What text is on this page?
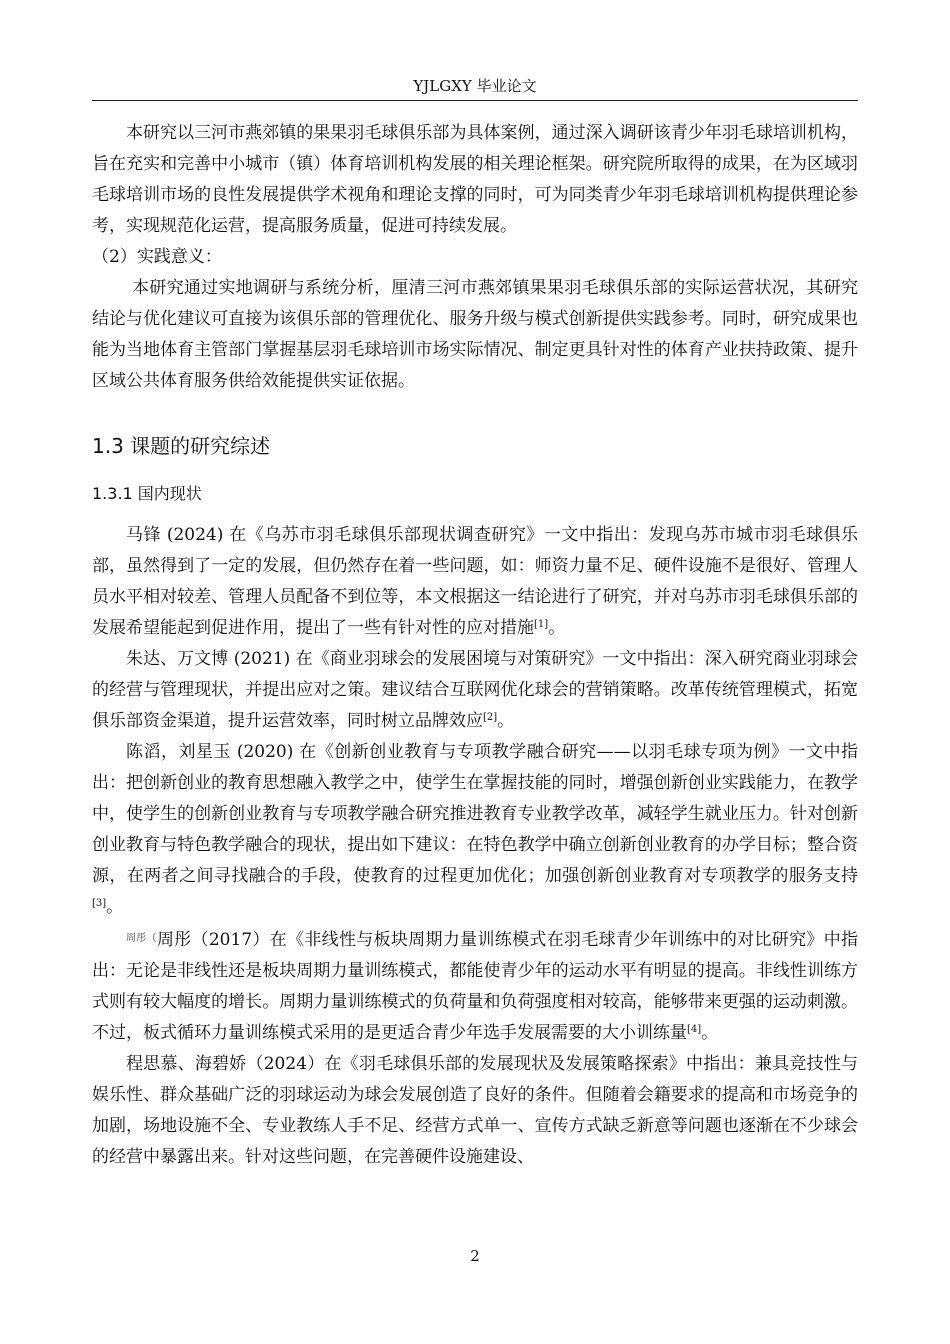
YJLGXY 毕业论文

本研究以三河市燕郊镇的果果羽毛球俱乐部为具体案例，通过深入调研该青少年羽毛球培训机构，旨在充实和完善中小城市（镇）体育培训机构发展的相关理论框架。研究院所取得的成果，在为区域羽毛球培训市场的良性发展提供学术视角和理论支撑的同时，可为同类青少年羽毛球培训机构提供理论参考，实现规范化运营，提高服务质量，促进可持续发展。

（2）实践意义：

本研究通过实地调研与系统分析，厘清三河市燕郊镇果果羽毛球俱乐部的实际运营状况，其研究结论与优化建议可直接为该俱乐部的管理优化、服务升级与模式创新提供实践参考。同时，研究成果也能为当地体育主管部门掌握基层羽毛球培训市场实际情况、制定更具针对性的体育产业扶持政策、提升区域公共体育服务供给效能提供实证依据。

1.3 课题的研究综述
1.3.1 国内现状

马锋 (2024) 在《乌苏市羽毛球俱乐部现状调查研究》一文中指出：发现乌苏市城市羽毛球俱乐部，虽然得到了一定的发展，但仍然存在着一些问题，如：师资力量不足、硬件设施不是很好、管理人员水平相对较差、管理人员配备不到位等，本文根据这一结论进行了研究，并对乌苏市羽毛球俱乐部的发展希望能起到促进作用，提出了一些有针对性的应对措施[1]。

朱达、万文博 (2021) 在《商业羽球会的发展困境与对策研究》一文中指出：深入研究商业羽球会的经营与管理现状，并提出应对之策。建议结合互联网优化球会的营销策略。改革传统管理模式，拓宽俱乐部资金渠道，提升运营效率，同时树立品牌效应[2]。

陈滔，刘星玉 (2020) 在《创新创业教育与专项教学融合研究——以羽毛球专项为例》一文中指出：把创新创业的教育思想融入教学之中，使学生在掌握技能的同时，增强创新创业实践能力，在教学中，使学生的创新创业教育与专项教学融合研究推进教育专业教学改革，减轻学生就业压力。针对创新创业教育与特色教学融合的现状，提出如下建议：在特色教学中确立创新创业教育的办学目标；整合资源，在两者之间寻找融合的手段，使教育的过程更加优化；加强创新创业教育对专项教学的服务支持[3]。

$^{周彤(}$周彤（2017）在《非线性与板块周期力量训练模式在羽毛球青少年训练中的对比研究》中指出：无论是非线性还是板块周期力量训练模式，都能使青少年的运动水平有明显的提高。非线性训练方式则有较大幅度的增长。周期力量训练模式的负荷量和负荷强度相对较高，能够带来更强的运动刺激。不过，板式循环力量训练模式采用的是更适合青少年选手发展需要的大小训练量[4]。

程思慕、海碧娇（2024）在《羽毛球俱乐部的发展现状及发展策略探索》中指出：兼具竞技性与娱乐性、群众基础广泛的羽球运动为球会发展创造了良好的条件。但随着会籍要求的提高和市场竞争的加剧，场地设施不全、专业教练人手不足、经营方式单一、宣传方式缺乏新意等问题也逐渐在不少球会的经营中暴露出来。针对这些问题，在完善硬件设施建设、

2
